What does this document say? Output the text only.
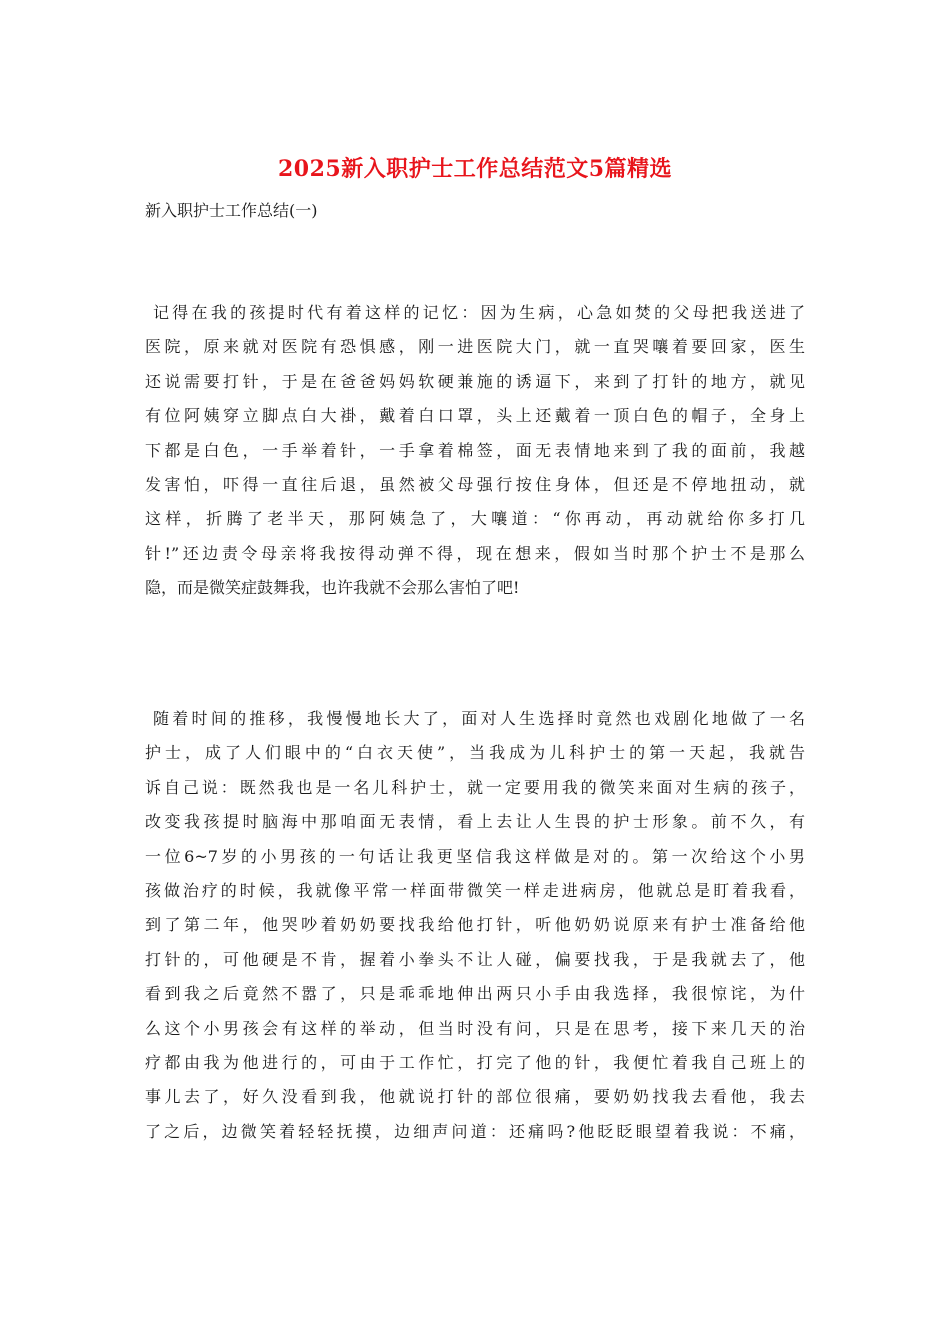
2025新入职护士工作总结范文5篇精选
新入职护士工作总结(一)
记得在我的孩提时代有着这样的记忆：因为生病，心急如焚的父母把我送进了
医院，原来就对医院有恐惧感，刚一进医院大门，就一直哭嚷着要回家，医生
还说需要打针，于是在爸爸妈妈软硬兼施的诱逼下，来到了打针的地方，就见
有位阿姨穿立脚点白大褂，戴着白口罩，头上还戴着一顶白色的帽子，全身上
下都是白色，一手举着针，一手拿着棉签，面无表情地来到了我的面前，我越
发害怕，吓得一直往后退，虽然被父母强行按住身体，但还是不停地扭动，就
这样，折腾了老半天，那阿姨急了，大嚷道：“你再动，再动就给你多打几
针!”还边责令母亲将我按得动弹不得，现在想来，假如当时那个护士不是那么
隐，而是微笑症鼓舞我，也许我就不会那么害怕了吧!
随着时间的推移，我慢慢地长大了，面对人生选择时竟然也戏剧化地做了一名
护士，成了人们眼中的“白衣天使”，当我成为儿科护士的第一天起，我就告
诉自己说：既然我也是一名儿科护士，就一定要用我的微笑来面对生病的孩子，
改变我孩提时脑海中那咱面无表情，看上去让人生畏的护士形象。前不久，有
一位6~7岁的小男孩的一句话让我更坚信我这样做是对的。第一次给这个小男
孩做治疗的时候，我就像平常一样面带微笑一样走进病房，他就总是盯着我看，
到了第二年，他哭吵着奶奶要找我给他打针，听他奶奶说原来有护士准备给他
打针的，可他硬是不肯，握着小拳头不让人碰，偏要找我，于是我就去了，他
看到我之后竟然不嚣了，只是乖乖地伸出两只小手由我选择，我很惊诧，为什
么这个小男孩会有这样的举动，但当时没有问，只是在思考，接下来几天的治
疗都由我为他进行的，可由于工作忙，打完了他的针，我便忙着我自己班上的
事儿去了，好久没看到我，他就说打针的部位很痛，要奶奶找我去看他，我去
了之后，边微笑着轻轻抚摸，边细声问道：还痛吗?他眨眨眼望着我说：不痛，
